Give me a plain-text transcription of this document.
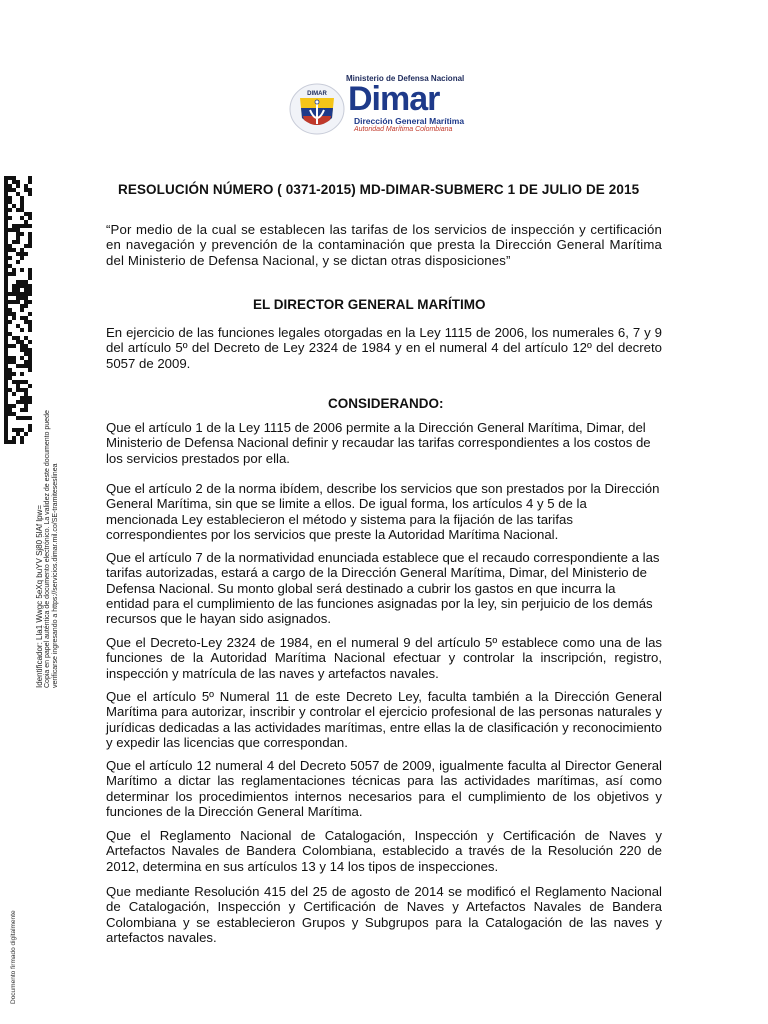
Ministerio de Defensa Nacional
DIMAR Dimar
Dirección General Marítima
Autoridad Marítima Colombiana
Identificador: Lla1 Wwgc 5eXq buYV Sj80 5lAf lpw= Copia en papel auténtica de documento electrónico. La validez de este documento puede verificarse ingresando a https://servicios.dimar.mil.co/SE-tramiteseslinea
Documento firmado digitalmente
RESOLUCIÓN NÚMERO ( 0371-2015) MD-DIMAR-SUBMERC 1 DE JULIO DE 2015
“Por medio de la cual se establecen las tarifas de los servicios de inspección y certificación en navegación y prevención de la contaminación que presta la Dirección General Marítima del Ministerio de Defensa Nacional, y se dictan otras disposiciones”
EL DIRECTOR GENERAL MARÍTIMO
En ejercicio de las funciones legales otorgadas en la Ley 1115 de 2006, los numerales 6, 7 y 9 del artículo 5º del Decreto de Ley 2324 de 1984 y en el numeral 4 del artículo 12º del decreto 5057 de 2009.
CONSIDERANDO:
Que el artículo 1 de la Ley 1115 de 2006 permite a la Dirección General Marítima, Dimar, del Ministerio de Defensa Nacional definir y recaudar las tarifas correspondientes a los costos de los servicios prestados por ella.
Que el artículo 2 de la norma ibídem, describe los servicios que son prestados por la Dirección General Marítima, sin que se limite a ellos. De igual forma, los artículos 4 y 5 de la mencionada Ley establecieron el método y sistema para la fijación de las tarifas correspondientes por los servicios que preste la Autoridad Marítima Nacional.
Que el artículo 7 de la normatividad enunciada establece que el recaudo correspondiente a las tarifas autorizadas, estará a cargo de la Dirección General Marítima, Dimar, del Ministerio de Defensa Nacional. Su monto global será destinado a cubrir los gastos en que incurra la entidad para el cumplimiento de las funciones asignadas por la ley, sin perjuicio de los demás recursos que le hayan sido asignados.
Que el Decreto-Ley 2324 de 1984, en el numeral 9 del artículo 5º establece como una de las funciones de la Autoridad Marítima Nacional efectuar y controlar la inscripción, registro, inspección y matrícula de las naves y artefactos navales.
Que el artículo 5º Numeral 11 de este Decreto Ley, faculta también a la Dirección General Marítima para autorizar, inscribir y controlar el ejercicio profesional de las personas naturales y jurídicas dedicadas a las actividades marítimas, entre ellas la de clasificación y reconocimiento y expedir las licencias que correspondan.
Que el artículo 12 numeral 4 del Decreto 5057 de 2009, igualmente faculta al Director General Marítimo a dictar las reglamentaciones técnicas para las actividades marítimas, así como determinar los procedimientos internos necesarios para el cumplimiento de los objetivos y funciones de la Dirección General Marítima.
Que el Reglamento Nacional de Catalogación, Inspección y Certificación de Naves y Artefactos Navales de Bandera Colombiana, establecido a través de la Resolución 220 de 2012, determina en sus artículos 13 y 14 los tipos de inspecciones.
Que mediante Resolución 415 del 25 de agosto de 2014 se modificó el Reglamento Nacional de Catalogación, Inspección y Certificación de Naves y Artefactos Navales de Bandera Colombiana y se establecieron Grupos y Subgrupos para la Catalogación de las naves y artefactos navales.
